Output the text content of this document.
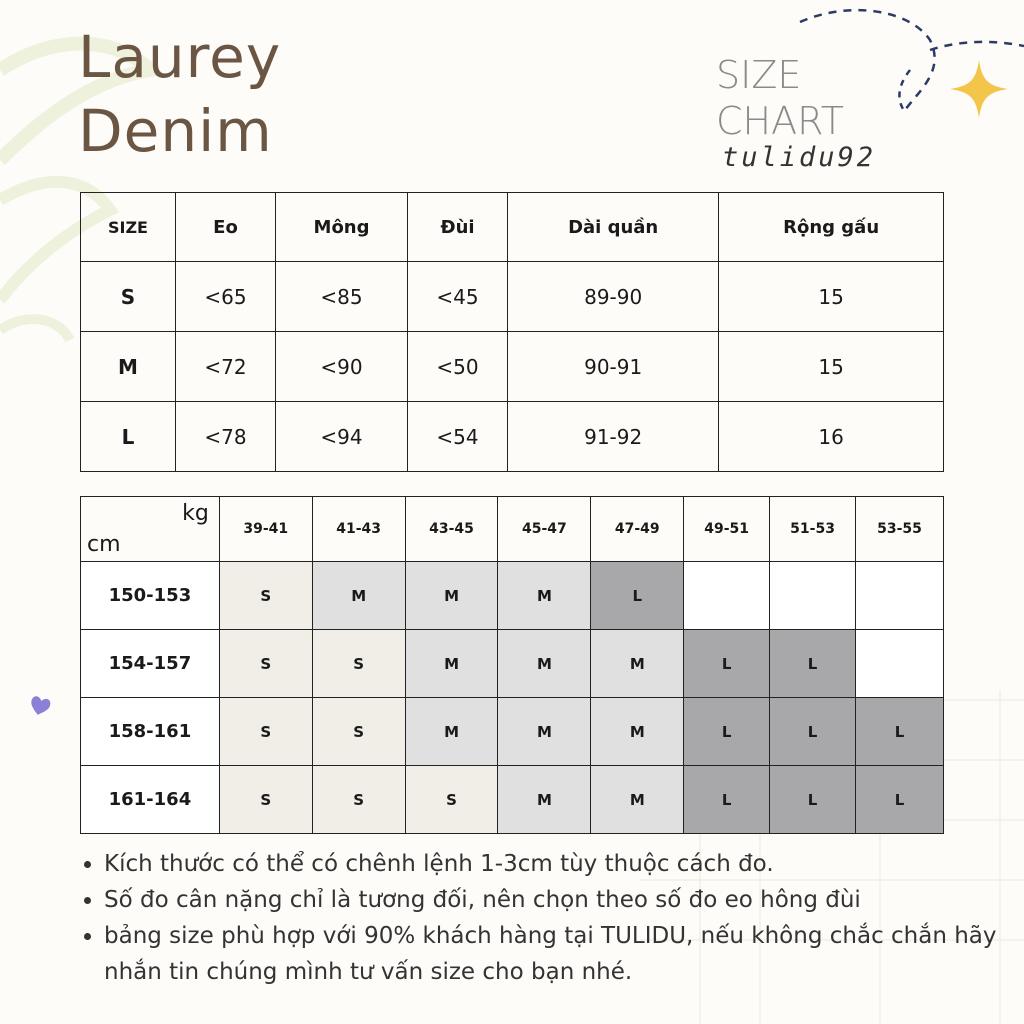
Laurey
Denim
SIZE
CHART
tulidu92
SIZE	Eo	Mông	Đùi	Dài quần	Rộng gấu
S	<65	<85	<45	89-90	15
M	<72	<90	<50	90-91	15
L	<78	<94	<54	91-92	16
kg
cm	39-41	41-43	43-45	45-47	47-49	49-51	51-53	53-55
150-153	S	M	M	M	L			
154-157	S	S	M	M	M	L	L	
158-161	S	S	M	M	M	L	L	L
161-164	S	S	S	M	M	L	L	L
• Kích thước có thể có chênh lệnh 1-3cm tùy thuộc cách đo.
• Số đo cân nặng chỉ là tương đối, nên chọn theo số đo eo hông đùi
• bảng size phù hợp với 90% khách hàng tại TULIDU, nếu không chắc chắn hãy nhắn tin chúng mình tư vấn size cho bạn nhé.
